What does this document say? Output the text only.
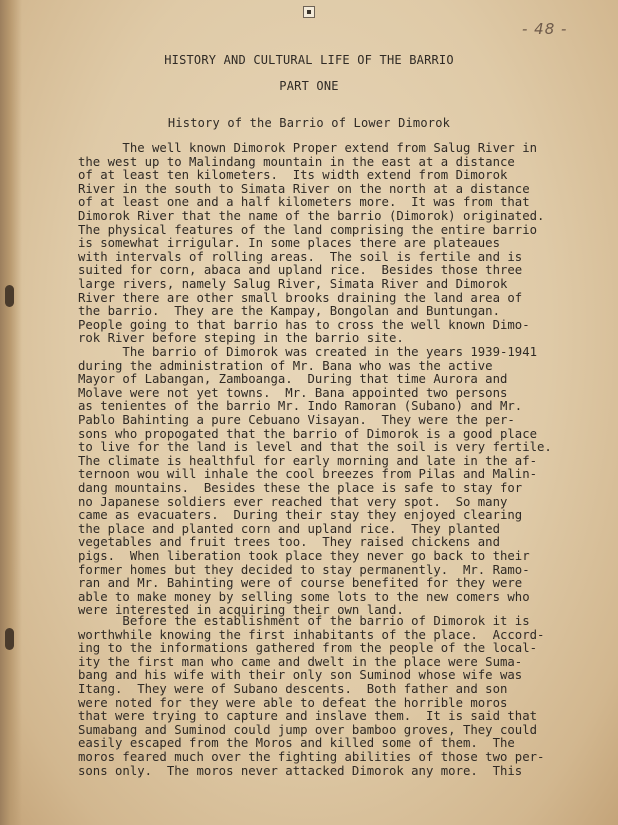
- 48 -
HISTORY AND CULTURAL LIFE OF THE BARRIO
PART ONE
History of the Barrio of Lower Dimorok
The well known Dimorok Proper extend from Salug River in
the west up to Malindang mountain in the east at a distance
of at least ten kilometers.  Its width extend from Dimorok
River in the south to Simata River on the north at a distance
of at least one and a half kilometers more.  It was from that
Dimorok River that the name of the barrio (Dimorok) originated.
The physical features of the land comprising the entire barrio
is somewhat irrigular. In some places there are plateaues
with intervals of rolling areas.  The soil is fertile and is
suited for corn, abaca and upland rice.  Besides those three
large rivers, namely Salug River, Simata River and Dimorok
River there are other small brooks draining the land area of
the barrio.  They are the Kampay, Bongolan and Buntungan.
People going to that barrio has to cross the well known Dimo-
rok River before steping in the barrio site.
The barrio of Dimorok was created in the years 1939-1941
during the administration of Mr. Bana who was the active
Mayor of Labangan, Zamboanga.  During that time Aurora and
Molave were not yet towns.  Mr. Bana appointed two persons
as tenientes of the barrio Mr. Indo Ramoran (Subano) and Mr.
Pablo Bahinting a pure Cebuano Visayan.  They were the per-
sons who propogated that the barrio of Dimorok is a good place
to live for the land is level and that the soil is very fertile.
The climate is healthful for early morning and late in the af-
ternoon wou will inhale the cool breezes from Pilas and Malin-
dang mountains.  Besides these the place is safe to stay for
no Japanese soldiers ever reached that very spot.  So many
came as evacuaters.  During their stay they enjoyed clearing
the place and planted corn and upland rice.  They planted
vegetables and fruit trees too.  They raised chickens and
pigs.  When liberation took place they never go back to their
former homes but they decided to stay permanently.  Mr. Ramo-
ran and Mr. Bahinting were of course benefited for they were
able to make money by selling some lots to the new comers who
were interested in acquiring their own land.
Before the establishment of the barrio of Dimorok it is
worthwhile knowing the first inhabitants of the place.  Accord-
ing to the informations gathered from the people of the local-
ity the first man who came and dwelt in the place were Suma-
bang and his wife with their only son Suminod whose wife was
Itang.  They were of Subano descents.  Both father and son
were noted for they were able to defeat the horrible moros
that were trying to capture and inslave them.  It is said that
Sumabang and Suminod could jump over bamboo groves, They could
easily escaped from the Moros and killed some of them.  The
moros feared much over the fighting abilities of those two per-
sons only.  The moros never attacked Dimorok any more.  This
